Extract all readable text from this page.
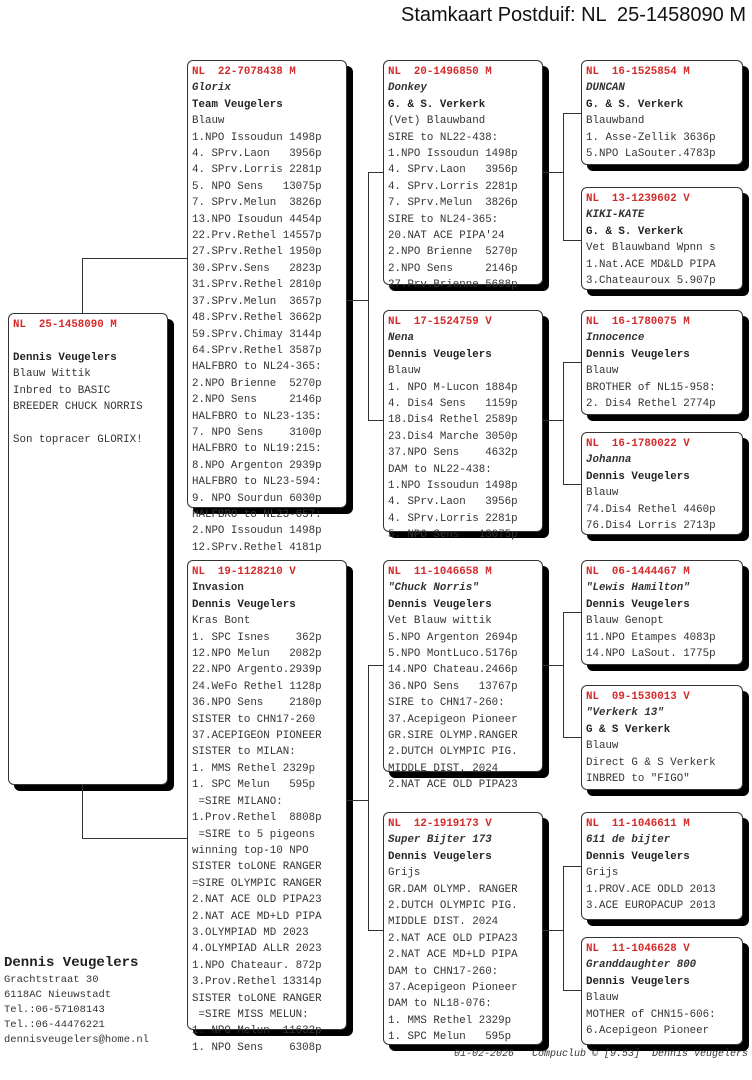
Stamkaart Postduif: NL  25-1458090 M
NL  25-1458090 M

Dennis Veugelers
Blauw Wittik
Inbred to BASIC
BREEDER CHUCK NORRIS

Son topracer GLORIX!
NL  22-7078438 M
Glorix
Team Veugelers
Blauw
1.NPO Issoudun 1498p
4. SPrv.Laon   3956p
4. SPrv.Lorris 2281p
5. NPO Sens   13075p
7. SPrv.Melun  3826p
13.NPO Isoudun 4454p
22.Prv.Rethel 14557p
27.SPrv.Rethel 1950p
30.SPrv.Sens   2823p
31.SPrv.Rethel 2810p
37.SPrv.Melun  3657p
48.SPrv.Rethel 3662p
59.SPrv.Chimay 3144p
64.SPrv.Rethel 3587p
HALFBRO to NL24-365:
2.NPO Brienne  5270p
2.NPO Sens     2146p
HALFBRO to NL23-135:
7. NPO Sens    3100p
HALFBRO to NL19:215:
8.NPO Argenton 2939p
HALFBRO to NL23-594:
9. NPO Sourdun 6030p
HALFBRO to NL23-657:
2.NPO Issoudun 1498p
12.SPrv.Rethel 4181p
NL  19-1128210 V
Invasion
Dennis Veugelers
Kras Bont
1. SPC Isnes    362p
12.NPO Melun   2082p
22.NPO Argento.2939p
24.WeFo Rethel 1128p
36.NPO Sens    2180p
SISTER to CHN17-260
37.ACEPIGEON PIONEER
SISTER to MILAN:
1. MMS Rethel 2329p
1. SPC Melun   595p
=SIRE MILANO:
1.Prov.Rethel  8808p
=SIRE to 5 pigeons
winning top-10 NPO
SISTER toLONE RANGER
=SIRE OLYMPIC RANGER
2.NAT ACE OLD PIPA23
2.NAT ACE MD+LD PIPA
3.OLYMPIAD MD 2023
4.OLYMPIAD ALLR 2023
1.NPO Chateaur. 872p
3.Prov.Rethel 13314p
SISTER toLONE RANGER
=SIRE MISS MELUN:
1. NPO Melun  11632p
1. NPO Sens    6308p
NL  20-1496850 M
Donkey
G. & S. Verkerk
(Vet) Blauwband
SIRE to NL22-438:
1.NPO Issoudun 1498p
4. SPrv.Laon   3956p
4. SPrv.Lorris 2281p
7. SPrv.Melun  3826p
SIRE to NL24-365:
20.NAT ACE PIPA'24
2.NPO Brienne  5270p
2.NPO Sens     2146p
27.Prv.Brienne 5688p
NL  17-1524759 V
Nena
Dennis Veugelers
Blauw
1. NPO M-Lucon 1884p
4. Dis4 Sens   1159p
18.Dis4 Rethel 2589p
23.Dis4 Marche 3050p
37.NPO Sens    4632p
DAM to NL22-438:
1.NPO Issoudun 1498p
4. SPrv.Laon   3956p
4. SPrv.Lorris 2281p
5. NPO Sens   13075p
NL  11-1046658 M
"Chuck Norris"
Dennis Veugelers
Vet Blauw wittik
5.NPO Argenton 2694p
5.NPO MontLuco.5176p
14.NPO Chateau.2466p
36.NPO Sens   13767p
SIRE to CHN17-260:
37.Acepigeon Pioneer
GR.SIRE OLYMP.RANGER
2.DUTCH OLYMPIC PIG.
MIDDLE DIST. 2024
2.NAT ACE OLD PIPA23
NL  12-1919173 V
Super Bijter 173
Dennis Veugelers
Grijs
GR.DAM OLYMP. RANGER
2.DUTCH OLYMPIC PIG.
MIDDLE DIST. 2024
2.NAT ACE OLD PIPA23
2.NAT ACE MD+LD PIPA
DAM to CHN17-260:
37.Acepigeon Pioneer
DAM to NL18-076:
1. MMS Rethel 2329p
1. SPC Melun   595p
NL  16-1525854 M
DUNCAN
G. & S. Verkerk
Blauwband
1. Asse-Zellik 3636p
5.NPO LaSouter.4783p
NL  13-1239602 V
KIKI-KATE
G. & S. Verkerk
Vet Blauwband Wpnn s
1.Nat.ACE MD&LD PIPA
3.Chateauroux 5.907p
NL  16-1780075 M
Innocence
Dennis Veugelers
Blauw
BROTHER of NL15-958:
2. Dis4 Rethel 2774p
NL  16-1780022 V
Johanna
Dennis Veugelers
Blauw
74.Dis4 Rethel 4460p
76.Dis4 Lorris 2713p
NL  06-1444467 M
"Lewis Hamilton"
Dennis Veugelers
Blauw Genopt
11.NPO Etampes 4083p
14.NPO LaSout. 1775p
NL  09-1530013 V
"Verkerk 13"
G & S Verkerk
Blauw
Direct G & S Verkerk
INBRED to "FIGO"
NL  11-1046611 M
611 de bijter
Dennis Veugelers
Grijs
1.PROV.ACE ODLD 2013
3.ACE EUROPACUP 2013
NL  11-1046628 V
Granddaughter 800
Dennis Veugelers
Blauw
MOTHER of CHN15-606:
6.Acepigeon Pioneer
Dennis Veugelers
Grachtstraat 30
6118AC Nieuwstadt
Tel.:06-57108143
Tel.:06-44476221
dennisveugelers@home.nl
01-02-2026   Compuclub © [9.53]  Dennis Veugelers
